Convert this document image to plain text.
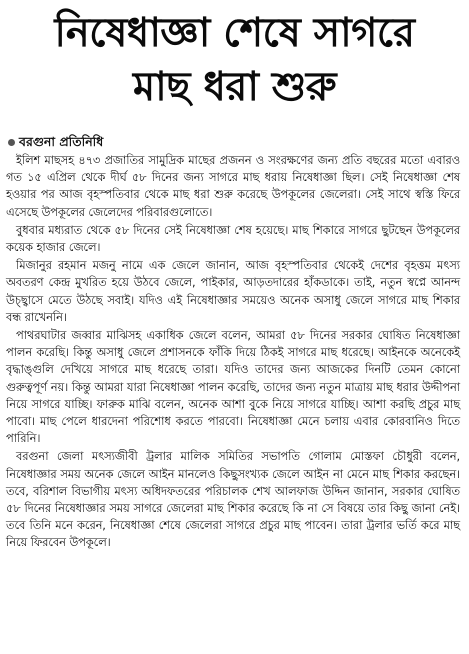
নিষেধাজ্ঞা শেষে সাগরে
মাছ ধরা শুরু
বরগুনা প্রতিনিধি

ইলিশ মাছসহ ৪৭৩ প্রজাতির সামুদ্রিক মাছের প্রজনন ও সংরক্ষণের জন্য প্রতি বছরের মতো এবারও গত ১৫ এপ্রিল থেকে দীর্ঘ ৫৮ দিনের জন্য সাগরে মাছ ধরায় নিষেধাজ্ঞা ছিল। সেই নিষেধাজ্ঞা শেষ হওয়ার পর আজ বৃহস্পতিবার থেকে মাছ ধরা শুরু করেছে উপকূলের জেলেরা। সেই সাথে স্বস্তি ফিরে এসেছে উপকূলের জেলেদের পরিবারগুলোতে।

বুধবার মধ্যরাত থেকে ৫৮ দিনের সেই নিষেধাজ্ঞা শেষ হয়েছে। মাছ শিকারে সাগরে ছুটছেন উপকূলের কয়েক হাজার জেলে।

মিজানুর রহমান মজনু নামে এক জেলে জানান, আজ বৃহস্পতিবার থেকেই দেশের বৃহত্তম মৎস্য অবতরণ কেন্দ্র মুখরিত হয়ে উঠবে জেলে, পাইকার, আড়তদারের হাঁকডাকে। তাই, নতুন স্বপ্নে আনন্দ উচ্ছ্বাসে মেতে উঠছে সবাই। যদিও এই নিষেধাজ্ঞার সময়েও অনেক অসাধু জেলে সাগরে মাছ শিকার বন্ধ রাখেননি।

পাথরঘাটার জব্বার মাঝিসহ একাধিক জেলে বলেন, আমরা ৫৮ দিনের সরকার ঘোষিত নিষেধাজ্ঞা পালন করেছি। কিন্তু অসাধু জেলে প্রশাসনকে ফাঁকি দিয়ে ঠিকই সাগরে মাছ ধরেছে। আইনকে অনেকেই বৃদ্ধাঙ্গুলি দেখিয়ে সাগরে মাছ ধরেছে তারা। যদিও তাদের জন্য আজকের দিনটি তেমন কোনো গুরুত্বপূর্ণ নয়। কিন্তু আমরা যারা নিষেধাজ্ঞা পালন করেছি, তাদের জন্য নতুন মাত্রায় মাছ ধরার উদ্দীপনা নিয়ে সাগরে যাচ্ছি। ফারুক মাঝি বলেন, অনেক আশা বুকে নিয়ে সাগরে যাচ্ছি। আশা করছি প্রচুর মাছ পাবো। মাছ পেলে ধারদেনা পরিশোধ করতে পারবো। নিষেধাজ্ঞা মেনে চলায় এবার কোরবানিও দিতে পারিনি।

বরগুনা জেলা মৎস্যজীবী ট্রলার মালিক সমিতির সভাপতি গোলাম মোস্তফা চৌধুরী বলেন, নিষেধাজ্ঞার সময় অনেক জেলে আইন মানলেও কিছুসংখ্যক জেলে আইন না মেনে মাছ শিকার করছেন। তবে, বরিশাল বিভাগীয় মৎস্য অধিদফতরের পরিচালক শেখ আলফাজ উদ্দিন জানান, সরকার ঘোষিত ৫৮ দিনের নিষেধাজ্ঞার সময় সাগরে জেলেরা মাছ শিকার করেছে কি না সে বিষয়ে তার কিছু জানা নেই। তবে তিনি মনে করেন, নিষেধাজ্ঞা শেষে জেলেরা সাগরে প্রচুর মাছ পাবেন। তারা ট্রলার ভর্তি করে মাছ নিয়ে ফিরবেন উপকূলে।
